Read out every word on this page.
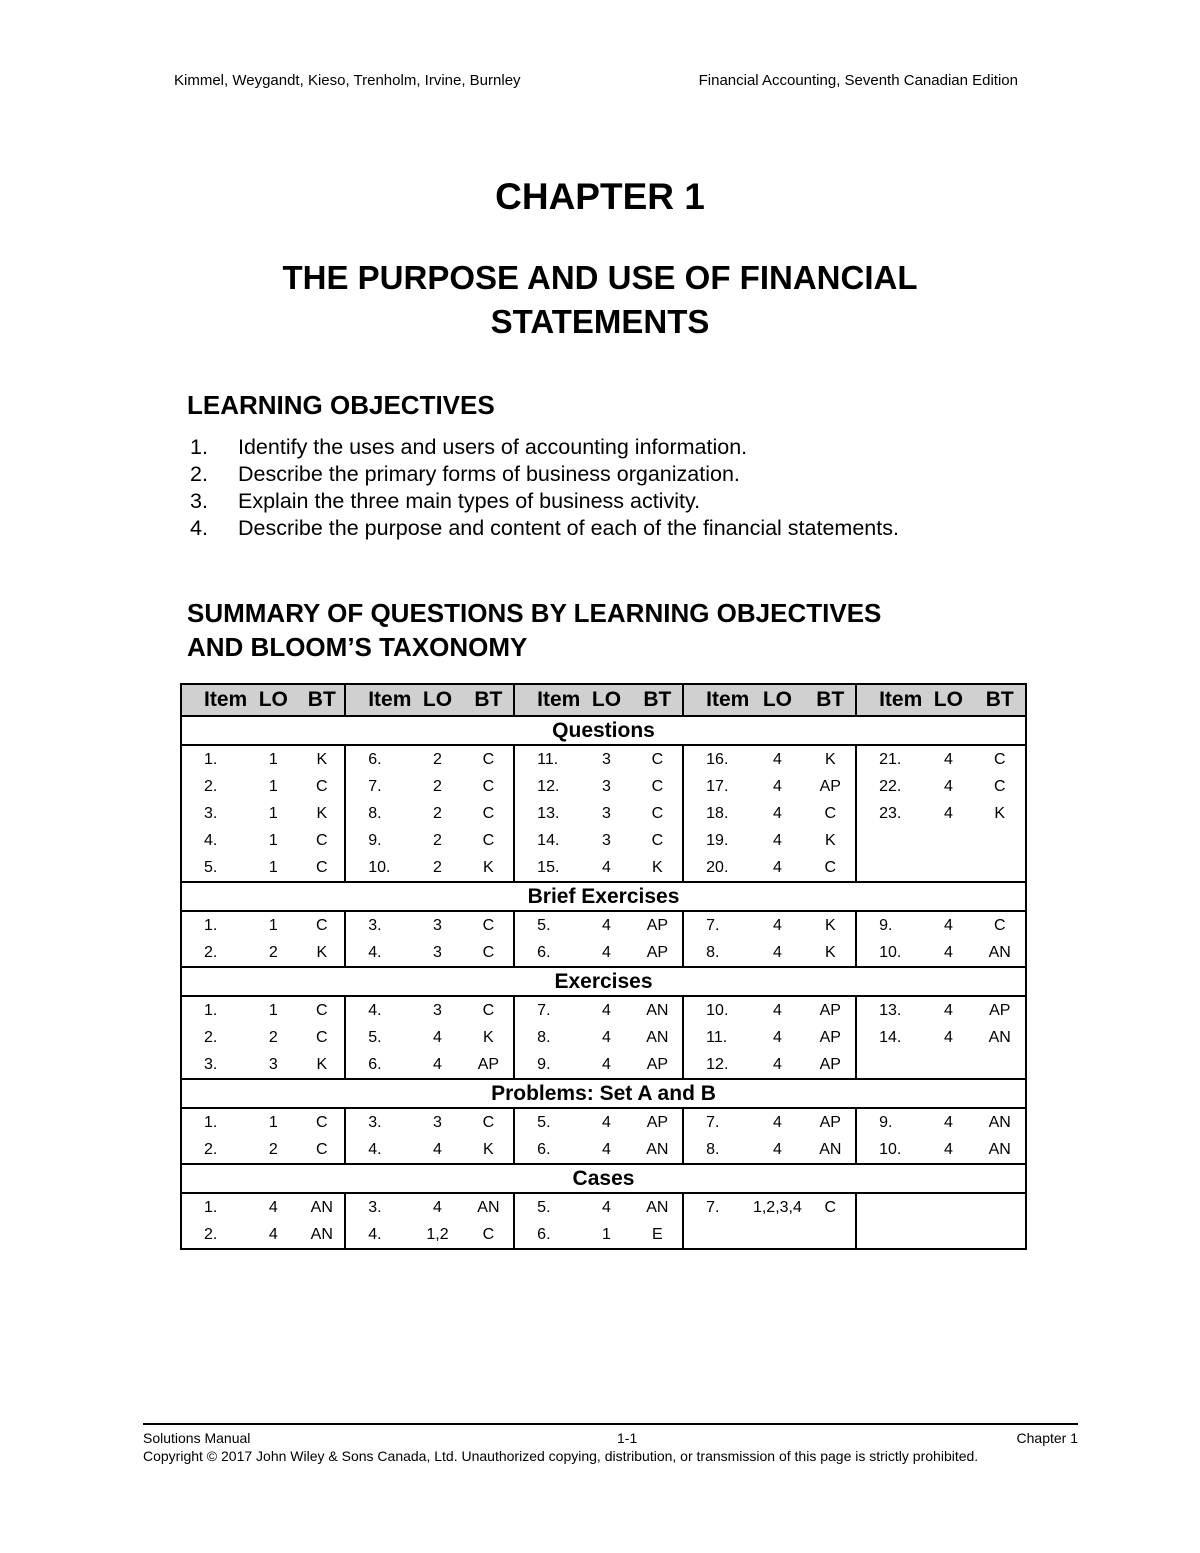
Kimmel, Weygandt, Kieso, Trenholm, Irvine, Burnley	Financial Accounting, Seventh Canadian Edition
CHAPTER 1
THE PURPOSE AND USE OF FINANCIAL
STATEMENTS
LEARNING OBJECTIVES
1.	Identify the uses and users of accounting information.
2.	Describe the primary forms of business organization.
3.	Explain the three main types of business activity.
4.	Describe the purpose and content of each of the financial statements.
SUMMARY OF QUESTIONS BY LEARNING OBJECTIVES
AND BLOOM’S TAXONOMY
Item	LO	BT	Item	LO	BT	Item	LO	BT	Item	LO	BT	Item	LO	BT
Questions														
1.	1	K	6.	2	C	11.	3	C	16.	4	K	21.	4	C
2.	1	C	7.	2	C	12.	3	C	17.	4	AP	22.	4	C
3.	1	K	8.	2	C	13.	3	C	18.	4	C	23.	4	K
4.	1	C	9.	2	C	14.	3	C	19.	4	K			
5.	1	C	10.	2	K	15.	4	K	20.	4	C			
Brief Exercises														
1.	1	C	3.	3	C	5.	4	AP	7.	4	K	9.	4	C
2.	2	K	4.	3	C	6.	4	AP	8.	4	K	10.	4	AN
Exercises														
1.	1	C	4.	3	C	7.	4	AN	10.	4	AP	13.	4	AP
2.	2	C	5.	4	K	8.	4	AN	11.	4	AP	14.	4	AN
3.	3	K	6.	4	AP	9.	4	AP	12.	4	AP			
Problems: Set A and B														
1.	1	C	3.	3	C	5.	4	AP	7.	4	AP	9.	4	AN
2.	2	C	4.	4	K	6.	4	AN	8.	4	AN	10.	4	AN
Cases														
1.	4	AN	3.	4	AN	5.	4	AN	7.	1,2,3,4	C			
2.	4	AN	4.	1,2	C	6.	1	E						
Solutions Manual	1-1	Chapter 1
Copyright © 2017 John Wiley & Sons Canada, Ltd. Unauthorized copying, distribution, or transmission of this page is strictly prohibited.
